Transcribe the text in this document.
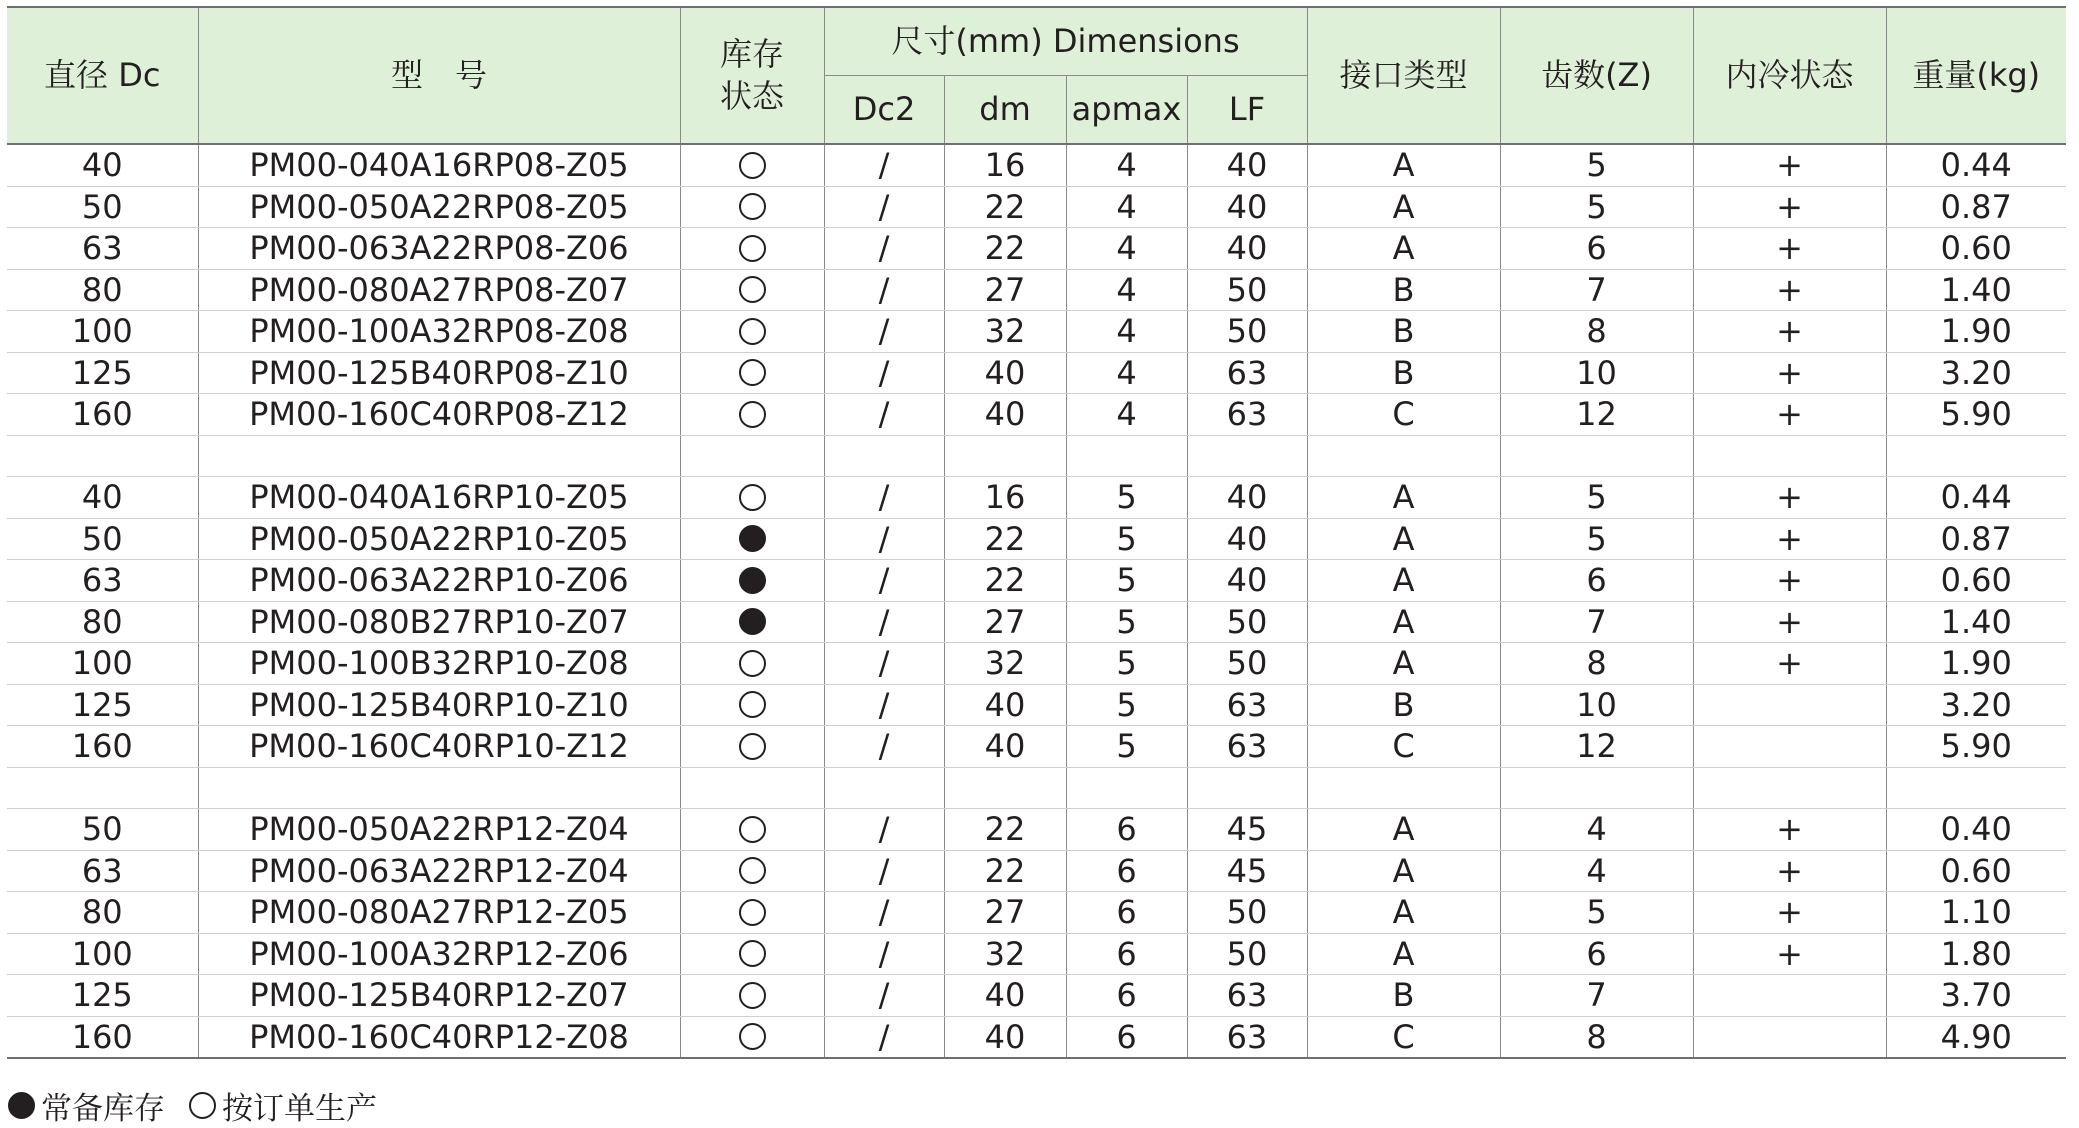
直径 Dc	型　号	库存
状态	尺寸(mm) Dimensions				接口类型	齿数(Z)	内冷状态	重量(kg)
			Dc2	dm	apmax	LF				
40	PM00-040A16RP08-Z05		/	16	4	40	A	5	+	0.44
50	PM00-050A22RP08-Z05		/	22	4	40	A	5	+	0.87
63	PM00-063A22RP08-Z06		/	22	4	40	A	6	+	0.60
80	PM00-080A27RP08-Z07		/	27	4	50	B	7	+	1.40
100	PM00-100A32RP08-Z08		/	32	4	50	B	8	+	1.90
125	PM00-125B40RP08-Z10		/	40	4	63	B	10	+	3.20
160	PM00-160C40RP08-Z12		/	40	4	63	C	12	+	5.90

40	PM00-040A16RP10-Z05		/	16	5	40	A	5	+	0.44
50	PM00-050A22RP10-Z05		/	22	5	40	A	5	+	0.87
63	PM00-063A22RP10-Z06		/	22	5	40	A	6	+	0.60
80	PM00-080B27RP10-Z07		/	27	5	50	A	7	+	1.40
100	PM00-100B32RP10-Z08		/	32	5	50	A	8	+	1.90
125	PM00-125B40RP10-Z10		/	40	5	63	B	10		3.20
160	PM00-160C40RP10-Z12		/	40	5	63	C	12		5.90

50	PM00-050A22RP12-Z04		/	22	6	45	A	4	+	0.40
63	PM00-063A22RP12-Z04		/	22	6	45	A	4	+	0.60
80	PM00-080A27RP12-Z05		/	27	6	50	A	5	+	1.10
100	PM00-100A32RP12-Z06		/	32	6	50	A	6	+	1.80
125	PM00-125B40RP12-Z07		/	40	6	63	B	7		3.70
160	PM00-160C40RP12-Z08		/	40	6	63	C	8		4.90
常备库存 按订单生产
